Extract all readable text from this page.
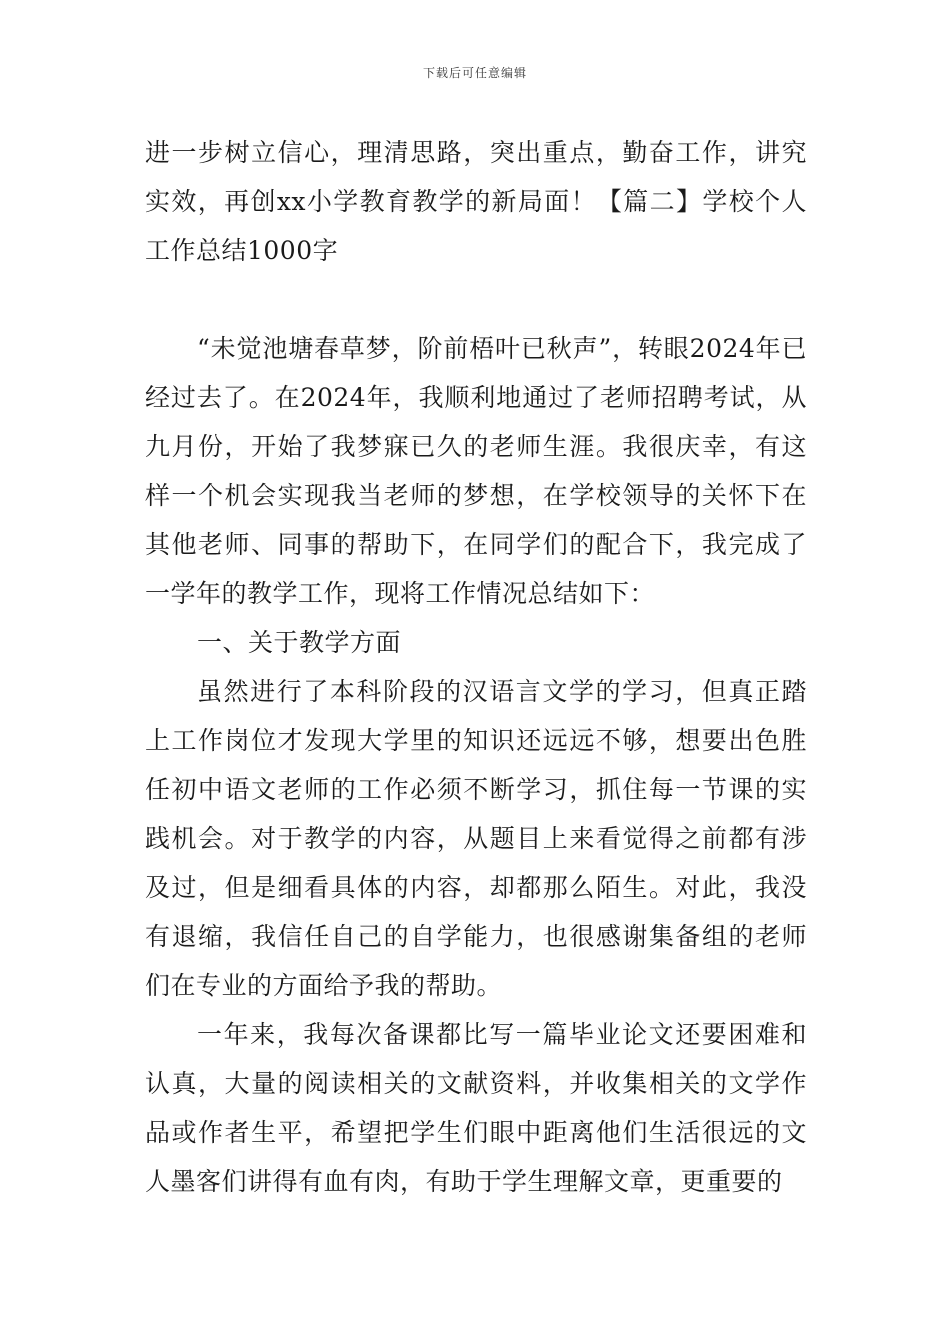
下载后可任意编辑

进一步树立信心，理清思路，突出重点，勤奋工作，讲究实效，再创xx小学教育教学的新局面！【篇二】学校个人工作总结1000字

“未觉池塘春草梦，阶前梧叶已秋声”，转眼2024年已经过去了。在2024年，我顺利地通过了老师招聘考试，从九月份，开始了我梦寐已久的老师生涯。我很庆幸，有这样一个机会实现我当老师的梦想，在学校领导的关怀下在其他老师、同事的帮助下，在同学们的配合下，我完成了一学年的教学工作，现将工作情况总结如下：

一、关于教学方面

虽然进行了本科阶段的汉语言文学的学习，但真正踏上工作岗位才发现大学里的知识还远远不够，想要出色胜任初中语文老师的工作必须不断学习，抓住每一节课的实践机会。对于教学的内容，从题目上来看觉得之前都有涉及过，但是细看具体的内容，却都那么陌生。对此，我没有退缩，我信任自己的自学能力，也很感谢集备组的老师们在专业的方面给予我的帮助。

一年来，我每次备课都比写一篇毕业论文还要困难和认真，大量的阅读相关的文献资料，并收集相关的文学作品或作者生平，希望把学生们眼中距离他们生活很远的文人墨客们讲得有血有肉，有助于学生理解文章，更重要的
